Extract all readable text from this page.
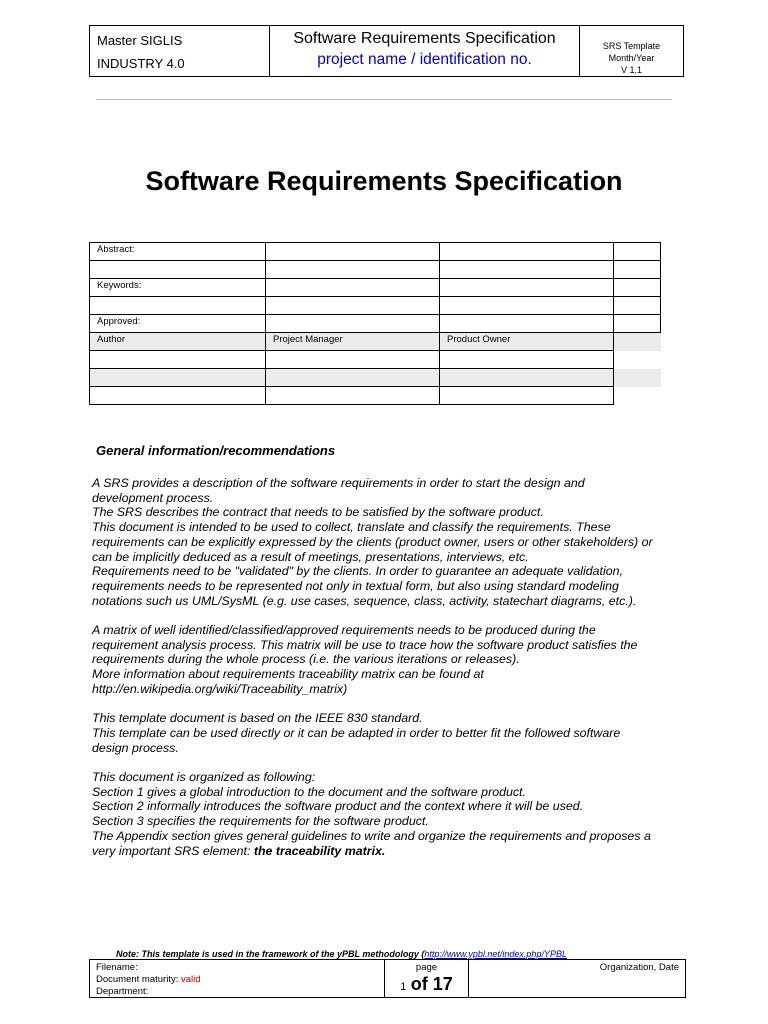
Master SIGLIS
INDUSTRY 4.0
Software Requirements Specification
project name / identification no.
SRS Template
Month/Year
V 1.1
Software Requirements Specification
Abstract:			

Keywords:			

Approved:			
Author	Project Manager	Product Owner	

General information/recommendations

A SRS provides a description of the software requirements in order to start the design and
development process.
The SRS describes the contract that needs to be satisfied by the software product.
This document is intended to be used to collect, translate and classify the requirements. These
requirements can be explicitly expressed by the clients (product owner, users or other stakeholders) or
can be implicitly deduced as a result of meetings, presentations, interviews, etc.
Requirements need to be "validated" by the clients. In order to guarantee an adequate validation,
requirements needs to be represented not only in textual form, but also using standard modeling
notations such us UML/SysML (e.g. use cases, sequence, class, activity, statechart diagrams, etc.).

A matrix of well identified/classified/approved requirements needs to be produced during the
requirement analysis process. This matrix will be use to trace how the software product satisfies the
requirements during the whole process (i.e. the various iterations or releases).
More information about requirements traceability matrix can be found at
http://en.wikipedia.org/wiki/Traceability_matrix)

This template document is based on the IEEE 830 standard.
This template can be used directly or it can be adapted in order to better fit the followed software
design process.

This document is organized as following:
Section 1 gives a global introduction to the document and the software product.
Section 2 informally introduces the software product and the context where it will be used.
Section 3 specifies the requirements for the software product.
The Appendix section gives general guidelines to write and organize the requirements and proposes a
very important SRS element: the traceability matrix.

Note: This template is used in the framework of the yPBL methodology (http://www.ypbl.net/index.php/YPBL
Filename:
Document maturity: valid
Department:
page
1 of 17
Organization, Date
